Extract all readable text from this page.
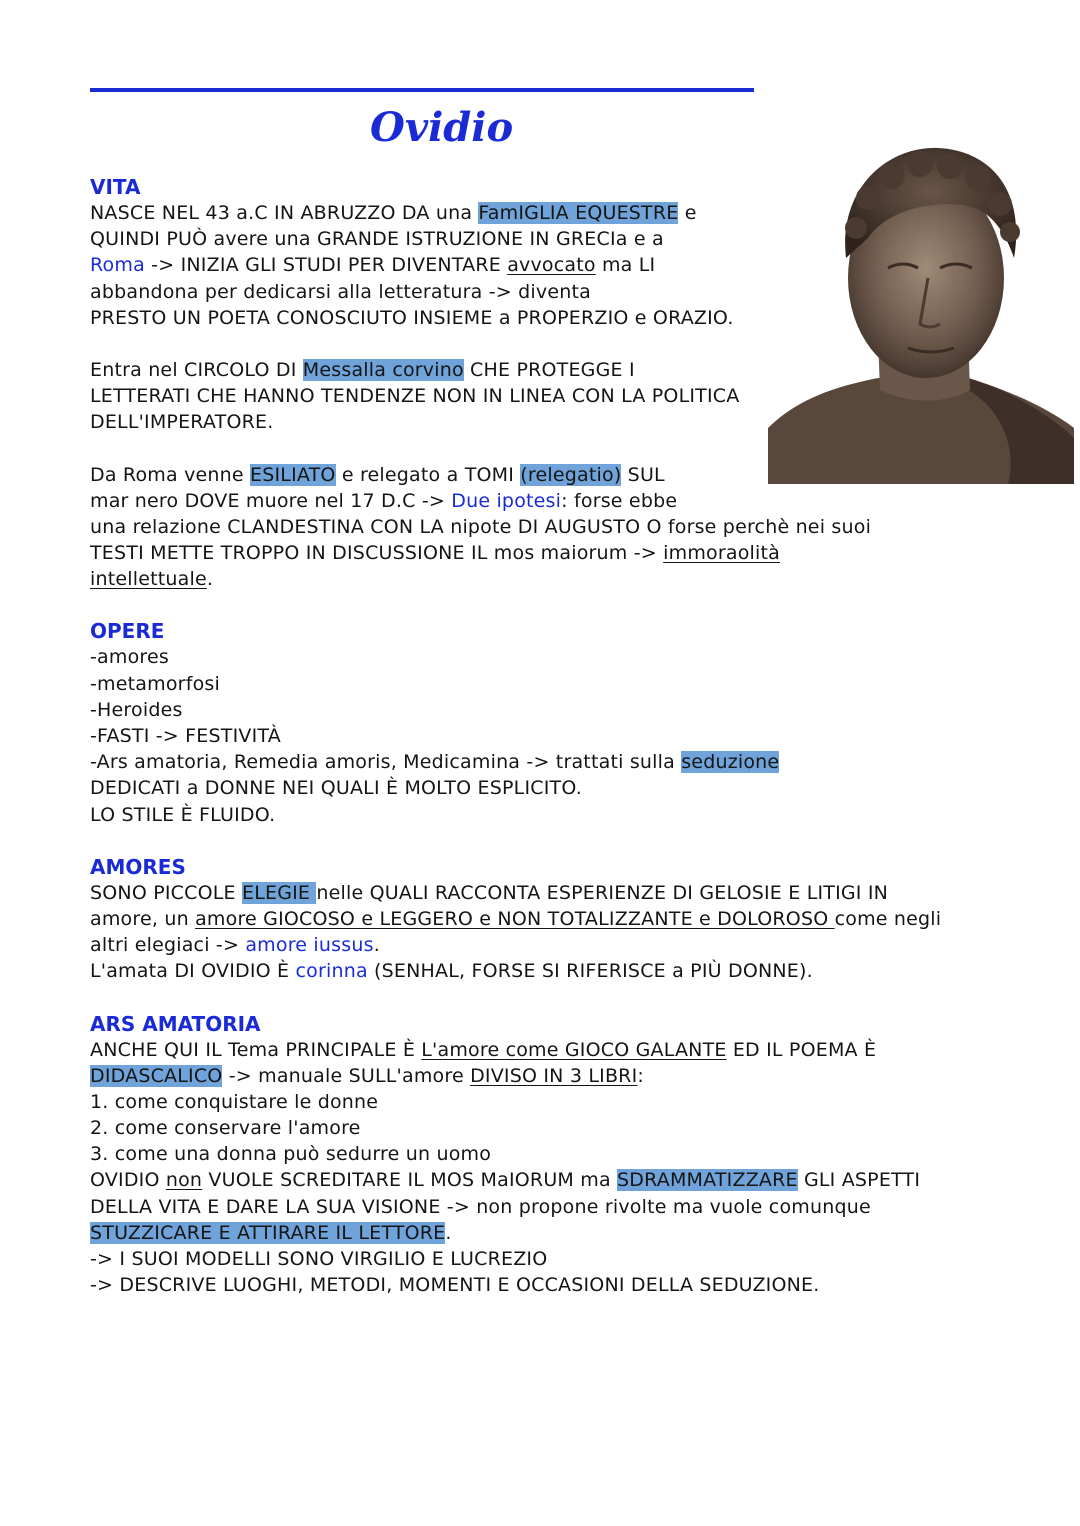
Ovidio
VITA
NASCE NEL 43 a.C IN ABRUZZO DA una FamIGLIA EQUESTRE e
QUINDI PUÒ avere una GRANDE ISTRUZIONE IN GRECIa e a
Roma -> INIZIA GLI STUDI PER DIVENTARE avvocato ma LI
abbandona per dedicarsi alla letteratura -> diventa
PRESTO UN POETA CONOSCIUTO INSIEME a PROPERZIO e ORAZIO.
Entra nel CIRCOLO DI Messalla corvino CHE PROTEGGE I
LETTERATI CHE HANNO TENDENZE NON IN LINEA CON LA POLITICA
DELL'IMPERATORE.
Da Roma venne ESILIATO e relegato a TOMI (relegatio) SUL
mar nero DOVE muore nel 17 D.C -> Due ipotesi: forse ebbe
una relazione CLANDESTINA CON LA nipote DI AUGUSTO O forse perchè nei suoi
TESTI METTE TROPPO IN DISCUSSIONE IL mos maiorum -> immoraolità
intellettuale.
OPERE
-amores
-metamorfosi
-Heroides
-FASTI -> FESTIVITÀ
-Ars amatoria, Remedia amoris, Medicamina -> trattati sulla seduzione
DEDICATI a DONNE NEI QUALI È MOLTO ESPLICITO.
LO STILE È FLUIDO.
AMORES
SONO PICCOLE ELEGIE nelle QUALI RACCONTA ESPERIENZE DI GELOSIE E LITIGI IN
amore, un amore GIOCOSO e LEGGERO e NON TOTALIZZANTE e DOLOROSO come negli
altri elegiaci -> amore iussus.
L'amata DI OVIDIO È corinna (SENHAL, FORSE SI RIFERISCE a PIÙ DONNE).
ARS AMATORIA
ANCHE QUI IL Tema PRINCIPALE È L'amore come GIOCO GALANTE ED IL POEMA È
DIDASCALICO -> manuale SULL'amore DIVISO IN 3 LIBRI:
1. come conquistare le donne
2. come conservare l'amore
3. come una donna può sedurre un uomo
OVIDIO non VUOLE SCREDITARE IL MOS MaIORUM ma SDRAMMATIZZARE GLI ASPETTI
DELLA VITA E DARE LA SUA VISIONE -> non propone rivolte ma vuole comunque
STUZZICARE E ATTIRARE IL LETTORE.
-> I SUOI MODELLI SONO VIRGILIO E LUCREZIO
-> DESCRIVE LUOGHI, METODI, MOMENTI E OCCASIONI DELLA SEDUZIONE.
